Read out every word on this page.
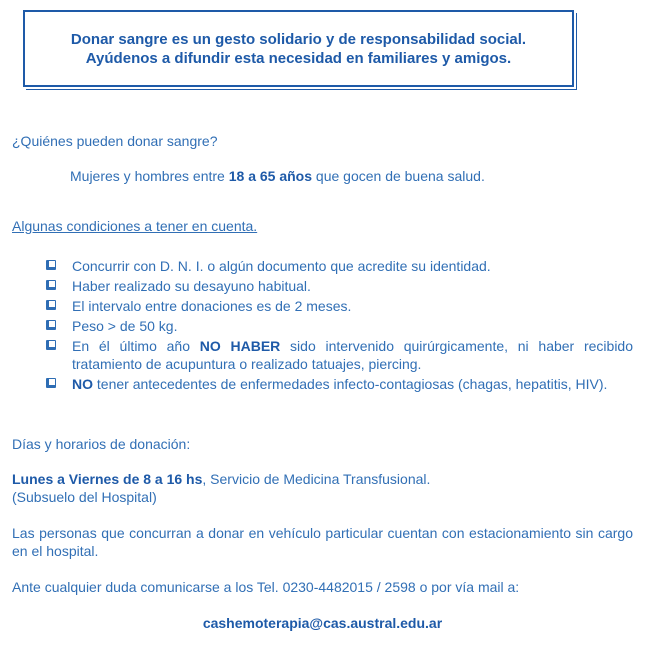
Donar sangre es un gesto solidario y de responsabilidad social.
Ayúdenos a difundir esta necesidad en familiares y amigos.

¿Quiénes pueden donar sangre?

Mujeres y hombres entre 18 a 65 años que gocen de buena salud.

Algunas condiciones a tener en cuenta.

Concurrir con D. N. I. o algún documento que acredite su identidad.
Haber realizado su desayuno habitual.
El intervalo entre donaciones es de 2 meses.
Peso > de 50 kg.
En él último año NO HABER sido intervenido quirúrgicamente, ni haber recibido tratamiento de acupuntura o realizado tatuajes, piercing.
NO tener antecedentes de enfermedades infecto-contagiosas (chagas, hepatitis, HIV).

Días y horarios de donación:

Lunes a Viernes de 8 a 16 hs, Servicio de Medicina Transfusional.

(Subsuelo del Hospital)

Las personas que concurran a donar en vehículo particular cuentan con estacionamiento sin cargo en el hospital.

Ante cualquier duda comunicarse a los Tel. 0230-4482015 / 2598 o por vía mail a:

cashemoterapia@cas.austral.edu.ar
